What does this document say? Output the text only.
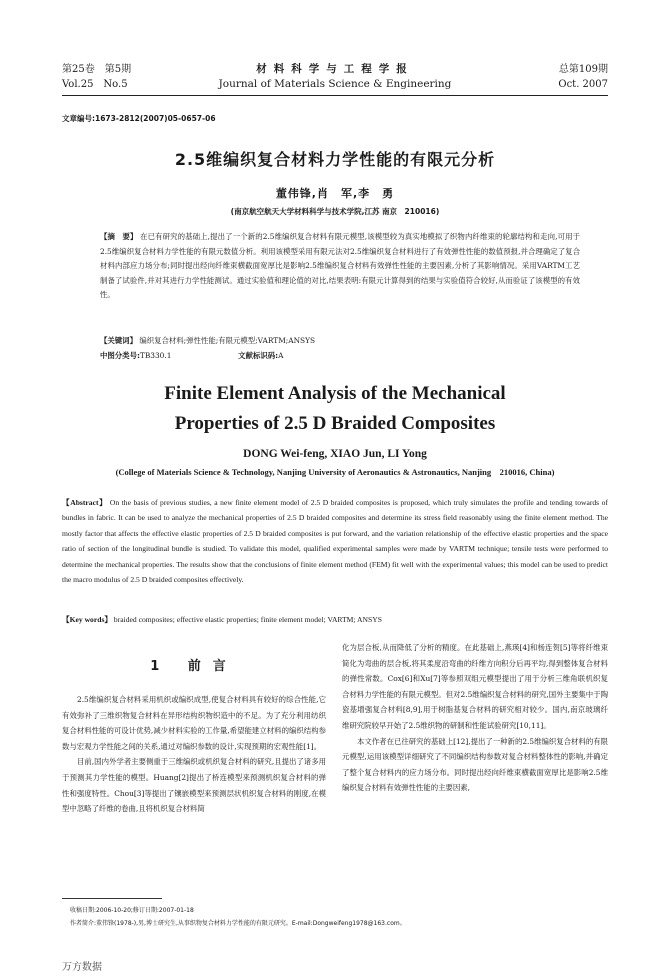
第25卷　第5期
Vol.25　No.5
材料科学与工程学报
Journal of Materials Science & Engineering
总第109期
Oct. 2007
文章编号:1673-2812(2007)05-0657-06
2.5维编织复合材料力学性能的有限元分析
董伟锋,肖　军,李　勇
(南京航空航天大学材料科学与技术学院,江苏 南京　210016)
【摘　要】 在已有研究的基础上,提出了一个新的2.5维编织复合材料有限元模型,该模型较为真实地模拟了织物内纤维束的轮廓结构和走向,可用于2.5维编织复合材料力学性能的有限元数值分析。利用该模型采用有限元法对2.5维编织复合材料进行了有效弹性性能的数值预报,并合理确定了复合材料内部应力场分布;同时提出经向纤维束横截面宽厚比是影响2.5维编织复合材料有效弹性性能的主要因素,分析了其影响情况。采用VARTM工艺制备了试验件,并对其进行力学性能测试。通过实验值和理论值的对比,结果表明:有限元计算得到的结果与实验值符合较好,从而验证了该模型的有效性。
【关键词】 编织复合材料;弹性性能;有限元模型;VARTM;ANSYS
中图分类号:TB330.1	文献标识码:A
Finite Element Analysis of the Mechanical
Properties of 2.5 D Braided Composites
DONG Wei-feng, XIAO Jun, LI Yong
(College of Materials Science & Technology, Nanjing University of Aeronautics & Astronautics, Nanjing　210016, China)
【Abstract】 On the basis of previous studies, a new finite element model of 2.5 D braided composites is proposed, which truly simulates the profile and tending towards of bundles in fabric. It can be used to analyze the mechanical properties of 2.5 D braided composites and determine its stress field reasonably using the finite element method. The mostly factor that affects the effective elastic properties of 2.5 D braided composites is put forward, and the variation relationship of the effective elastic properties and the space ratio of section of the longitudinal bundle is studied. To validate this model, qualified experimental samples were made by VARTM technique; tensile tests were performed to determine the mechanical properties. The results show that the conclusions of finite element method (FEM) fit well with the experimental values; this model can be used to predict the macro modulus of 2.5 D braided composites effectively.
【Key words】 braided composites; effective elastic properties; finite element model; VARTM; ANSYS
1 前言

2.5维编织复合材料采用机织或编织成型,使复合材料具有较好的综合性能,它有效弥补了三维织物复合材料在异形结构织物织造中的不足。为了充分利用纺织复合材料性能的可设计优势,减少材料实验的工作量,希望能建立材料的编织结构参数与宏观力学性能之间的关系,通过对编织参数的设计,实现预期的宏观性能[1]。

目前,国内外学者主要侧重于三维编织或机织复合材料的研究,且提出了诸多用于预测其力学性能的模型。Huang[2]提出了桥连模型来预测机织复合材料的弹性和强度特性。Chou[3]等提出了镶嵌模型来预测层状机织复合材料的刚度,在模型中忽略了纤维的卷曲,且将机织复合材料简

化为层合板,从而降低了分析的精度。在此基础上,燕瑛[4]和杨连贺[5]等将纤维束简化为弯曲的层合板,将其柔度沿弯曲的纤维方向积分后再平均,得到整体复合材料的弹性常数。Cox[6]和Xu[7]等参照双组元模型提出了用于分析三维角联机织复合材料力学性能的有限元模型。但对2.5维编织复合材料的研究,国外主要集中于陶瓷基增强复合材料[8,9],用于树脂基复合材料的研究相对较少。国内,南京玻璃纤维研究院较早开始了2.5维织物的研制和性能试验研究[10,11]。

本文作者在已往研究的基础上[12],提出了一种新的2.5维编织复合材料的有限元模型,运用该模型详细研究了不同编织结构参数对复合材料整体性的影响,并确定了整个复合材料内的应力场分布。同时提出经向纤维束横截面宽厚比是影响2.5维编织复合材料有效弹性性能的主要因素,

收稿日期:2006-10-20;修订日期:2007-01-18
作者简介:董伟锋(1978-),男,博士研究生,从事织物复合材料力学性能的有限元研究。E-mail:Dongweifeng1978@163.com。
万方数据
